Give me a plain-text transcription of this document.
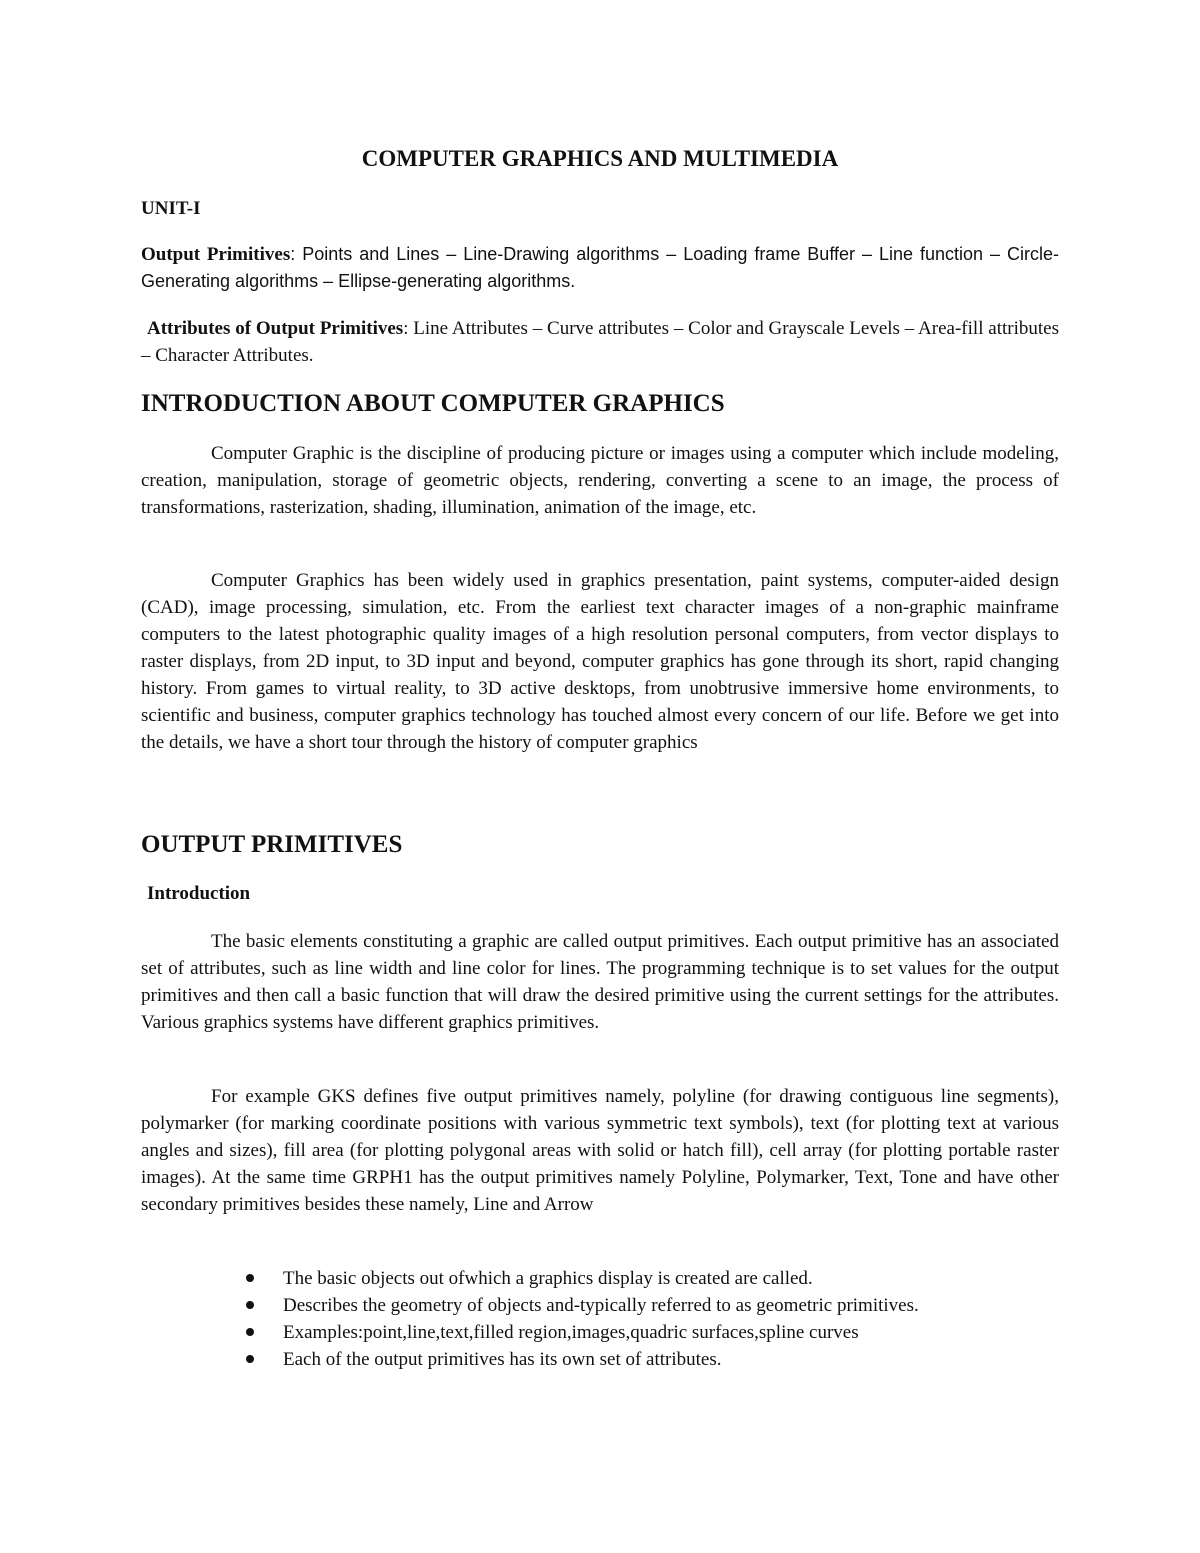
COMPUTER GRAPHICS AND MULTIMEDIA
UNIT-I

Output Primitives: Points and Lines – Line-Drawing algorithms – Loading frame Buffer – Line function – Circle-Generating algorithms – Ellipse-generating algorithms.

Attributes of Output Primitives: Line Attributes – Curve attributes – Color and Grayscale Levels – Area-fill attributes – Character Attributes.

INTRODUCTION ABOUT COMPUTER GRAPHICS

Computer Graphic is the discipline of producing picture or images using a computer which include modeling, creation, manipulation, storage of geometric objects, rendering, converting a scene to an image, the process of transformations, rasterization, shading, illumination, animation of the image, etc.

Computer Graphics has been widely used in graphics presentation, paint systems, computer-aided design (CAD), image processing, simulation, etc. From the earliest text character images of a non-graphic mainframe computers to the latest photographic quality images of a high resolution personal computers, from vector displays to raster displays, from 2D input, to 3D input and beyond, computer graphics has gone through its short, rapid changing history. From games to virtual reality, to 3D active desktops, from unobtrusive immersive home environments, to scientific and business, computer graphics technology has touched almost every concern of our life. Before we get into the details, we have a short tour through the history of computer graphics

OUTPUT PRIMITIVES
Introduction

The basic elements constituting a graphic are called output primitives. Each output primitive has an associated set of attributes, such as line width and line color for lines. The programming technique is to set values for the output primitives and then call a basic function that will draw the desired primitive using the current settings for the attributes. Various graphics systems have different graphics primitives.

For example GKS defines five output primitives namely, polyline (for drawing contiguous line segments), polymarker (for marking coordinate positions with various symmetric text symbols), text (for plotting text at various angles and sizes), fill area (for plotting polygonal areas with solid or hatch fill), cell array (for plotting portable raster images). At the same time GRPH1 has the output primitives namely Polyline, Polymarker, Text, Tone and have other secondary primitives besides these namely, Line and Arrow

The basic objects out ofwhich a graphics display is created are called.
Describes the geometry of objects and-typically referred to as geometric primitives.
Examples:point,line,text,filled region,images,quadric surfaces,spline curves
Each of the output primitives has its own set of attributes.
